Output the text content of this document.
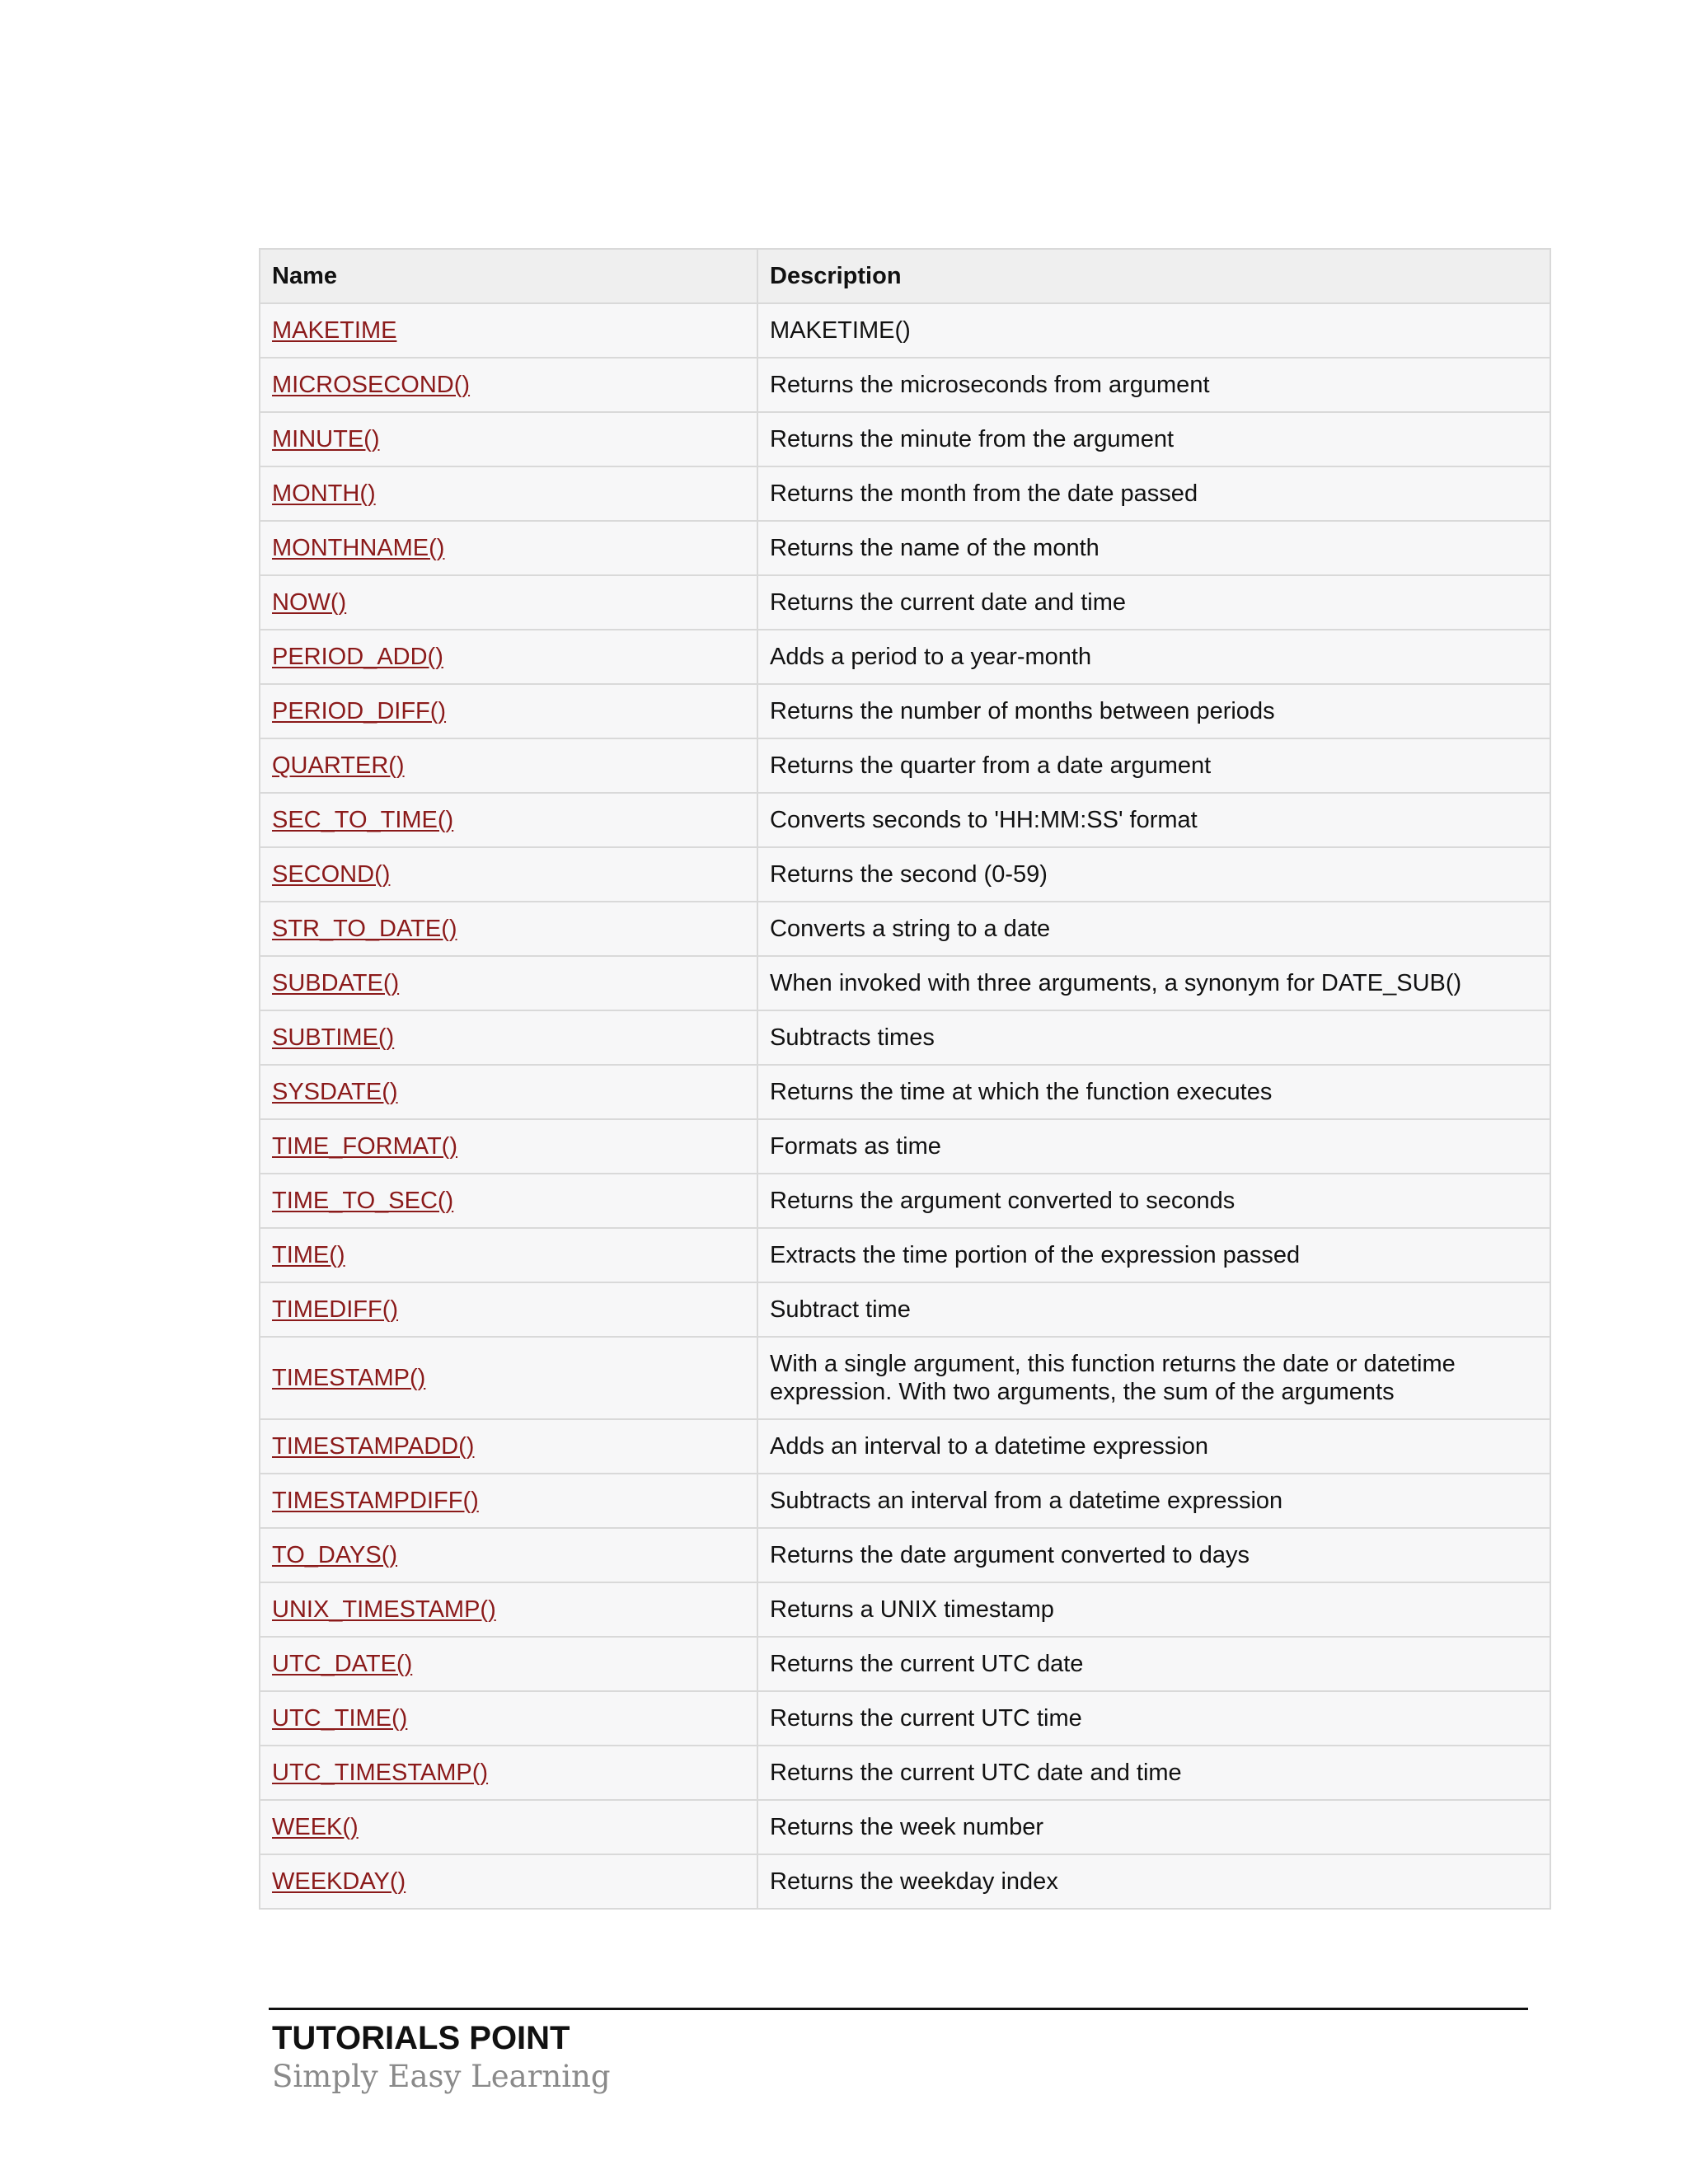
Name	Description
MAKETIME	MAKETIME()
MICROSECOND()	Returns the microseconds from argument
MINUTE()	Returns the minute from the argument
MONTH()	Returns the month from the date passed
MONTHNAME()	Returns the name of the month
NOW()	Returns the current date and time
PERIOD_ADD()	Adds a period to a year-month
PERIOD_DIFF()	Returns the number of months between periods
QUARTER()	Returns the quarter from a date argument
SEC_TO_TIME()	Converts seconds to 'HH:MM:SS' format
SECOND()	Returns the second (0-59)
STR_TO_DATE()	Converts a string to a date
SUBDATE()	When invoked with three arguments, a synonym for DATE_SUB()
SUBTIME()	Subtracts times
SYSDATE()	Returns the time at which the function executes
TIME_FORMAT()	Formats as time
TIME_TO_SEC()	Returns the argument converted to seconds
TIME()	Extracts the time portion of the expression passed
TIMEDIFF()	Subtract time
TIMESTAMP()	With a single argument, this function returns the date or datetime expression. With two arguments, the sum of the arguments
TIMESTAMPADD()	Adds an interval to a datetime expression
TIMESTAMPDIFF()	Subtracts an interval from a datetime expression
TO_DAYS()	Returns the date argument converted to days
UNIX_TIMESTAMP()	Returns a UNIX timestamp
UTC_DATE()	Returns the current UTC date
UTC_TIME()	Returns the current UTC time
UTC_TIMESTAMP()	Returns the current UTC date and time
WEEK()	Returns the week number
WEEKDAY()	Returns the weekday index
TUTORIALS POINT
Simply Easy Learning
